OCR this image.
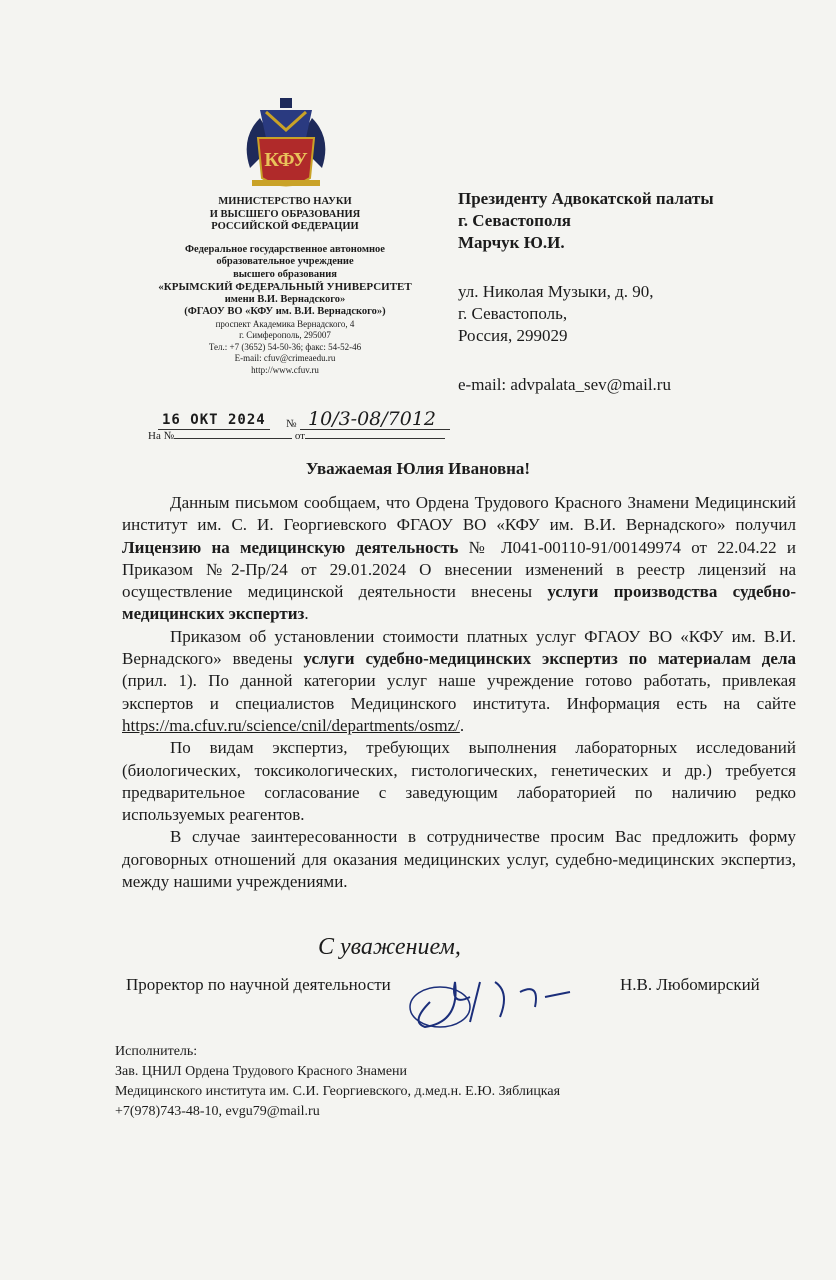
КФУ
МИНИСТЕРСТВО НАУКИ
И ВЫСШЕГО ОБРАЗОВАНИЯ
РОССИЙСКОЙ ФЕДЕРАЦИИ
Федеральное государственное автономное
образовательное учреждение
высшего образования
«КРЫМСКИЙ ФЕДЕРАЛЬНЫЙ УНИВЕРСИТЕТ
имени В.И. Вернадского»
(ФГАОУ ВО «КФУ им. В.И. Вернадского»)
проспект Академика Вернадского, 4
г. Симферополь, 295007
Тел.: +7 (3652) 54-50-36; факс: 54-52-46
E-mail: cfuv@crimeaedu.ru
http://www.cfuv.ru
16 ОКТ 2024 № 10/3-08/7012
На №	от
Президенту Адвокатской палаты
г. Севастополя
Марчук Ю.И.
ул. Николая Музыки, д. 90,
г. Севастополь,
Россия, 299029
e-mail: advpalata_sev@mail.ru
Уважаемая Юлия Ивановна!

Данным письмом сообщаем, что Ордена Трудового Красного Знамени Медицинский институт им. С. И. Георгиевского ФГАОУ ВО «КФУ им. В.И. Вернадского» получил Лицензию на медицинскую деятельность № Л041-00110-91/00149974 от 22.04.22 и Приказом №2-Пр/24 от 29.01.2024 О внесении изменений в реестр лицензий на осуществление медицинской деятельности внесены услуги производства судебно-медицинских экспертиз.

Приказом об установлении стоимости платных услуг ФГАОУ ВО «КФУ им. В.И. Вернадского» введены услуги судебно-медицинских экспертиз по материалам дела (прил. 1). По данной категории услуг наше учреждение готово работать, привлекая экспертов и специалистов Медицинского института. Информация есть на сайте https://ma.cfuv.ru/science/cnil/departments/osmz/.

По видам экспертиз, требующих выполнения лабораторных исследований (биологических, токсикологических, гистологических, генетических и др.) требуется предварительное согласование с заведующим лабораторией по наличию редко используемых реагентов.

В случае заинтересованности в сотрудничестве просим Вас предложить форму договорных отношений для оказания медицинских услуг, судебно-медицинских экспертиз, между нашими учреждениями.

С уважением,
Проректор по научной деятельности	Н.В. Любомирский
Исполнитель:
Зав. ЦНИЛ Ордена Трудового Красного Знамени
Медицинского института им. С.И. Георгиевского, д.мед.н. Е.Ю. Зяблицкая
+7(978)743-48-10, evgu79@mail.ru
